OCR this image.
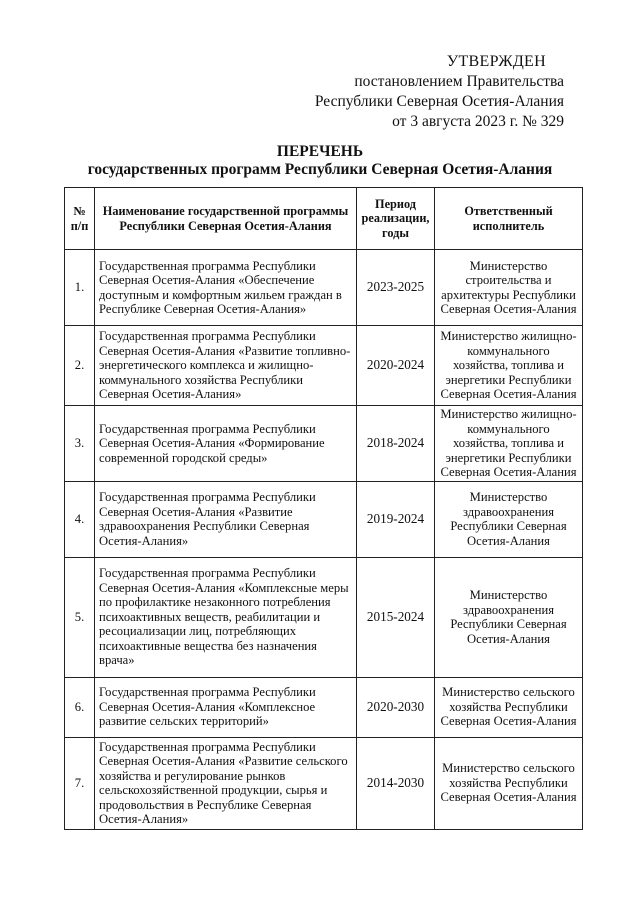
УТВЕРЖДЕН
постановлением Правительства
Республики Северная Осетия-Алания
от 3 августа 2023 г. № 329
ПЕРЕЧЕНЬ
государственных программ Республики Северная Осетия-Алания
№ п/п	Наименование государственной программы Республики Северная Осетия-Алания	Период реализации, годы	Ответственный исполнитель
1.	Государственная программа Республики Северная Осетия-Алания «Обеспечение доступным и комфортным жильем граждан в Республике Северная Осетия-Алания»	2023-2025	Министерство строительства и архитектуры Республики Северная Осетия-Алания
2.	Государственная программа Республики Северная Осетия-Алания «Развитие топливно-энергетического комплекса и жилищно-коммунального хозяйства Республики Северная Осетия-Алания»	2020-2024	Министерство жилищно-коммунального хозяйства, топлива и энергетики Республики Северная Осетия-Алания
3.	Государственная программа Республики Северная Осетия-Алания «Формирование современной городской среды»	2018-2024	Министерство жилищно-коммунального хозяйства, топлива и энергетики Республики Северная Осетия-Алания
4.	Государственная программа Республики Северная Осетия-Алания «Развитие здравоохранения Республики Северная Осетия-Алания»	2019-2024	Министерство здравоохранения Республики Северная Осетия-Алания
5.	Государственная программа Республики Северная Осетия-Алания «Комплексные меры по профилактике незаконного потребления психоактивных веществ, реабилитации и ресоциализации лиц, потребляющих психоактивные вещества без назначения врача»	2015-2024	Министерство здравоохранения Республики Северная Осетия-Алания
6.	Государственная программа Республики Северная Осетия-Алания «Комплексное развитие сельских территорий»	2020-2030	Министерство сельского хозяйства Республики Северная Осетия-Алания
7.	Государственная программа Республики Северная Осетия-Алания «Развитие сельского хозяйства и регулирование рынков сельскохозяйственной продукции, сырья и продовольствия в Республике Северная Осетия-Алания»	2014-2030	Министерство сельского хозяйства Республики Северная Осетия-Алания
